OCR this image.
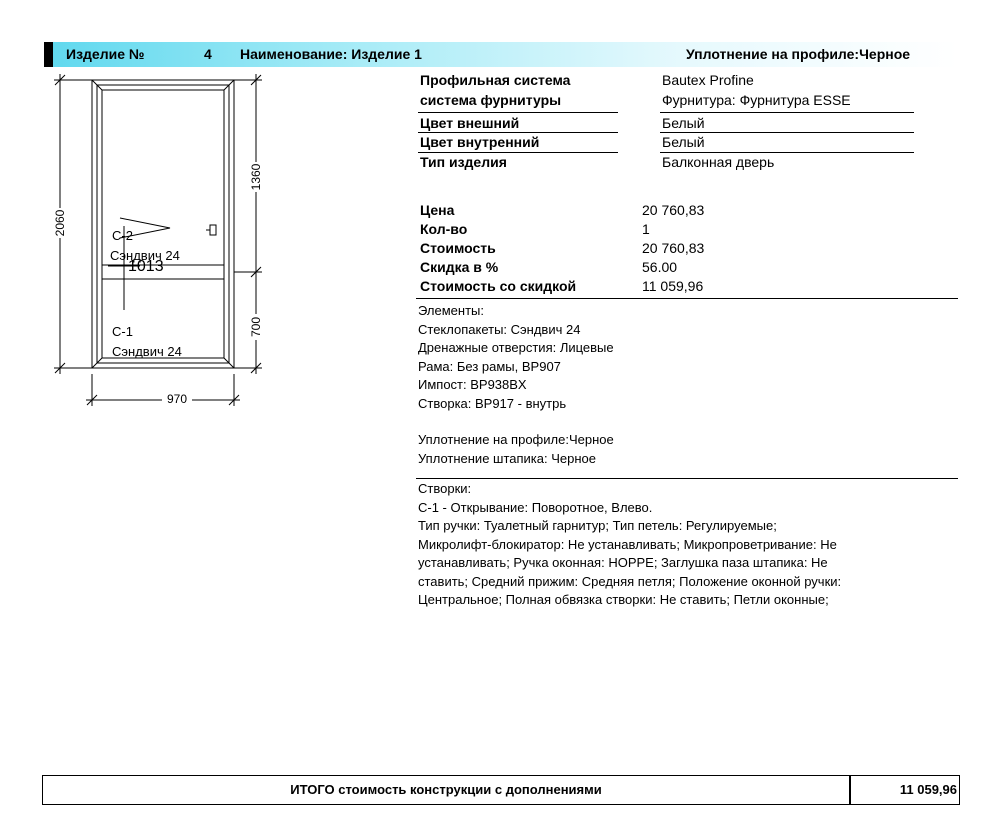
Изделие №	4 Наименование: Изделие 1	Уплотнение на профиле:Черное
970
2060
1360
700
С-2
Сэндвич 24
1013
С-1
Сэндвич 24
Профильная система	Bautex Profine
система фурнитуры	Фурнитура: Фурнитура ESSE
Цвет внешний	Белый
Цвет внутренний	Белый
Тип изделия	Балконная дверь
Цена	20 760,83
Кол-во	1
Стоимость	20 760,83
Скидка в %	56.00
Стоимость со скидкой	11 059,96
Элементы:
Стеклопакеты: Сэндвич 24
Дренажные отверстия: Лицевые
Рама: Без рамы, BP907
Импост: BP938BX
Створка: BP917 - внутрь
Уплотнение на профиле:Черное
Уплотнение штапика: Черное
Створки:
С-1 - Открывание: Поворотное, Влево.
Тип ручки: Туалетный гарнитур; Тип петель: Регулируемые;
Микролифт-блокиратор: Не устанавливать; Микропроветривание: Не
устанавливать; Ручка оконная: HOPPE; Заглушка паза штапика: Не
ставить; Средний прижим: Средняя петля; Положение оконной ручки:
Центральное; Полная обвязка створки: Не ставить; Петли оконные;
ИТОГО стоимость конструкции с дополнениями	11 059,96
